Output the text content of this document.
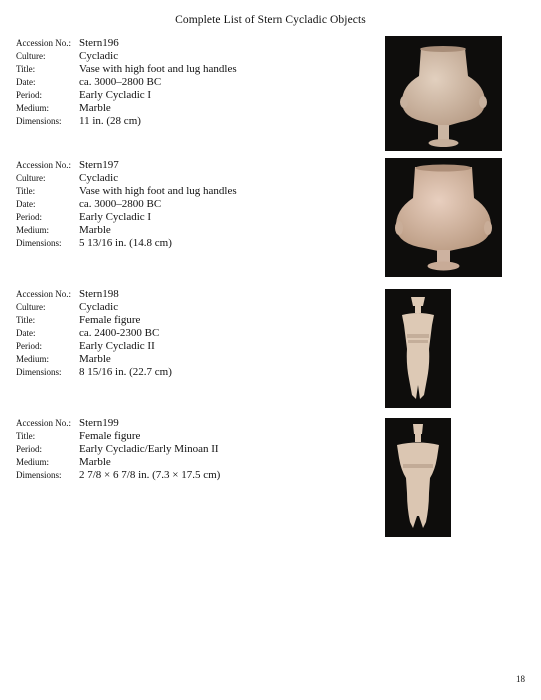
Complete List of Stern Cycladic Objects
Accession No.: Stern196
Culture:	Cycladic
Title:	Vase with high foot and lug handles
Date:	ca. 3000–2800 BC
Period:	Early Cycladic I
Medium:	Marble
Dimensions:	11 in. (28 cm)
Accession No.: Stern197
Culture:	Cycladic
Title:	Vase with high foot and lug handles
Date:	ca. 3000–2800 BC
Period:	Early Cycladic I
Medium:	Marble
Dimensions:	5 13/16 in. (14.8 cm)
Accession No.: Stern198
Culture:	Cycladic
Title:	Female figure
Date:	ca. 2400-2300 BC
Period:	Early Cycladic II
Medium:	Marble
Dimensions:	8 15/16 in. (22.7 cm)
Accession No.: Stern199
Title:	Female figure
Period:	Early Cycladic/Early Minoan II
Medium:	Marble
Dimensions:	2 7/8 × 6 7/8 in. (7.3 × 17.5 cm)
18
